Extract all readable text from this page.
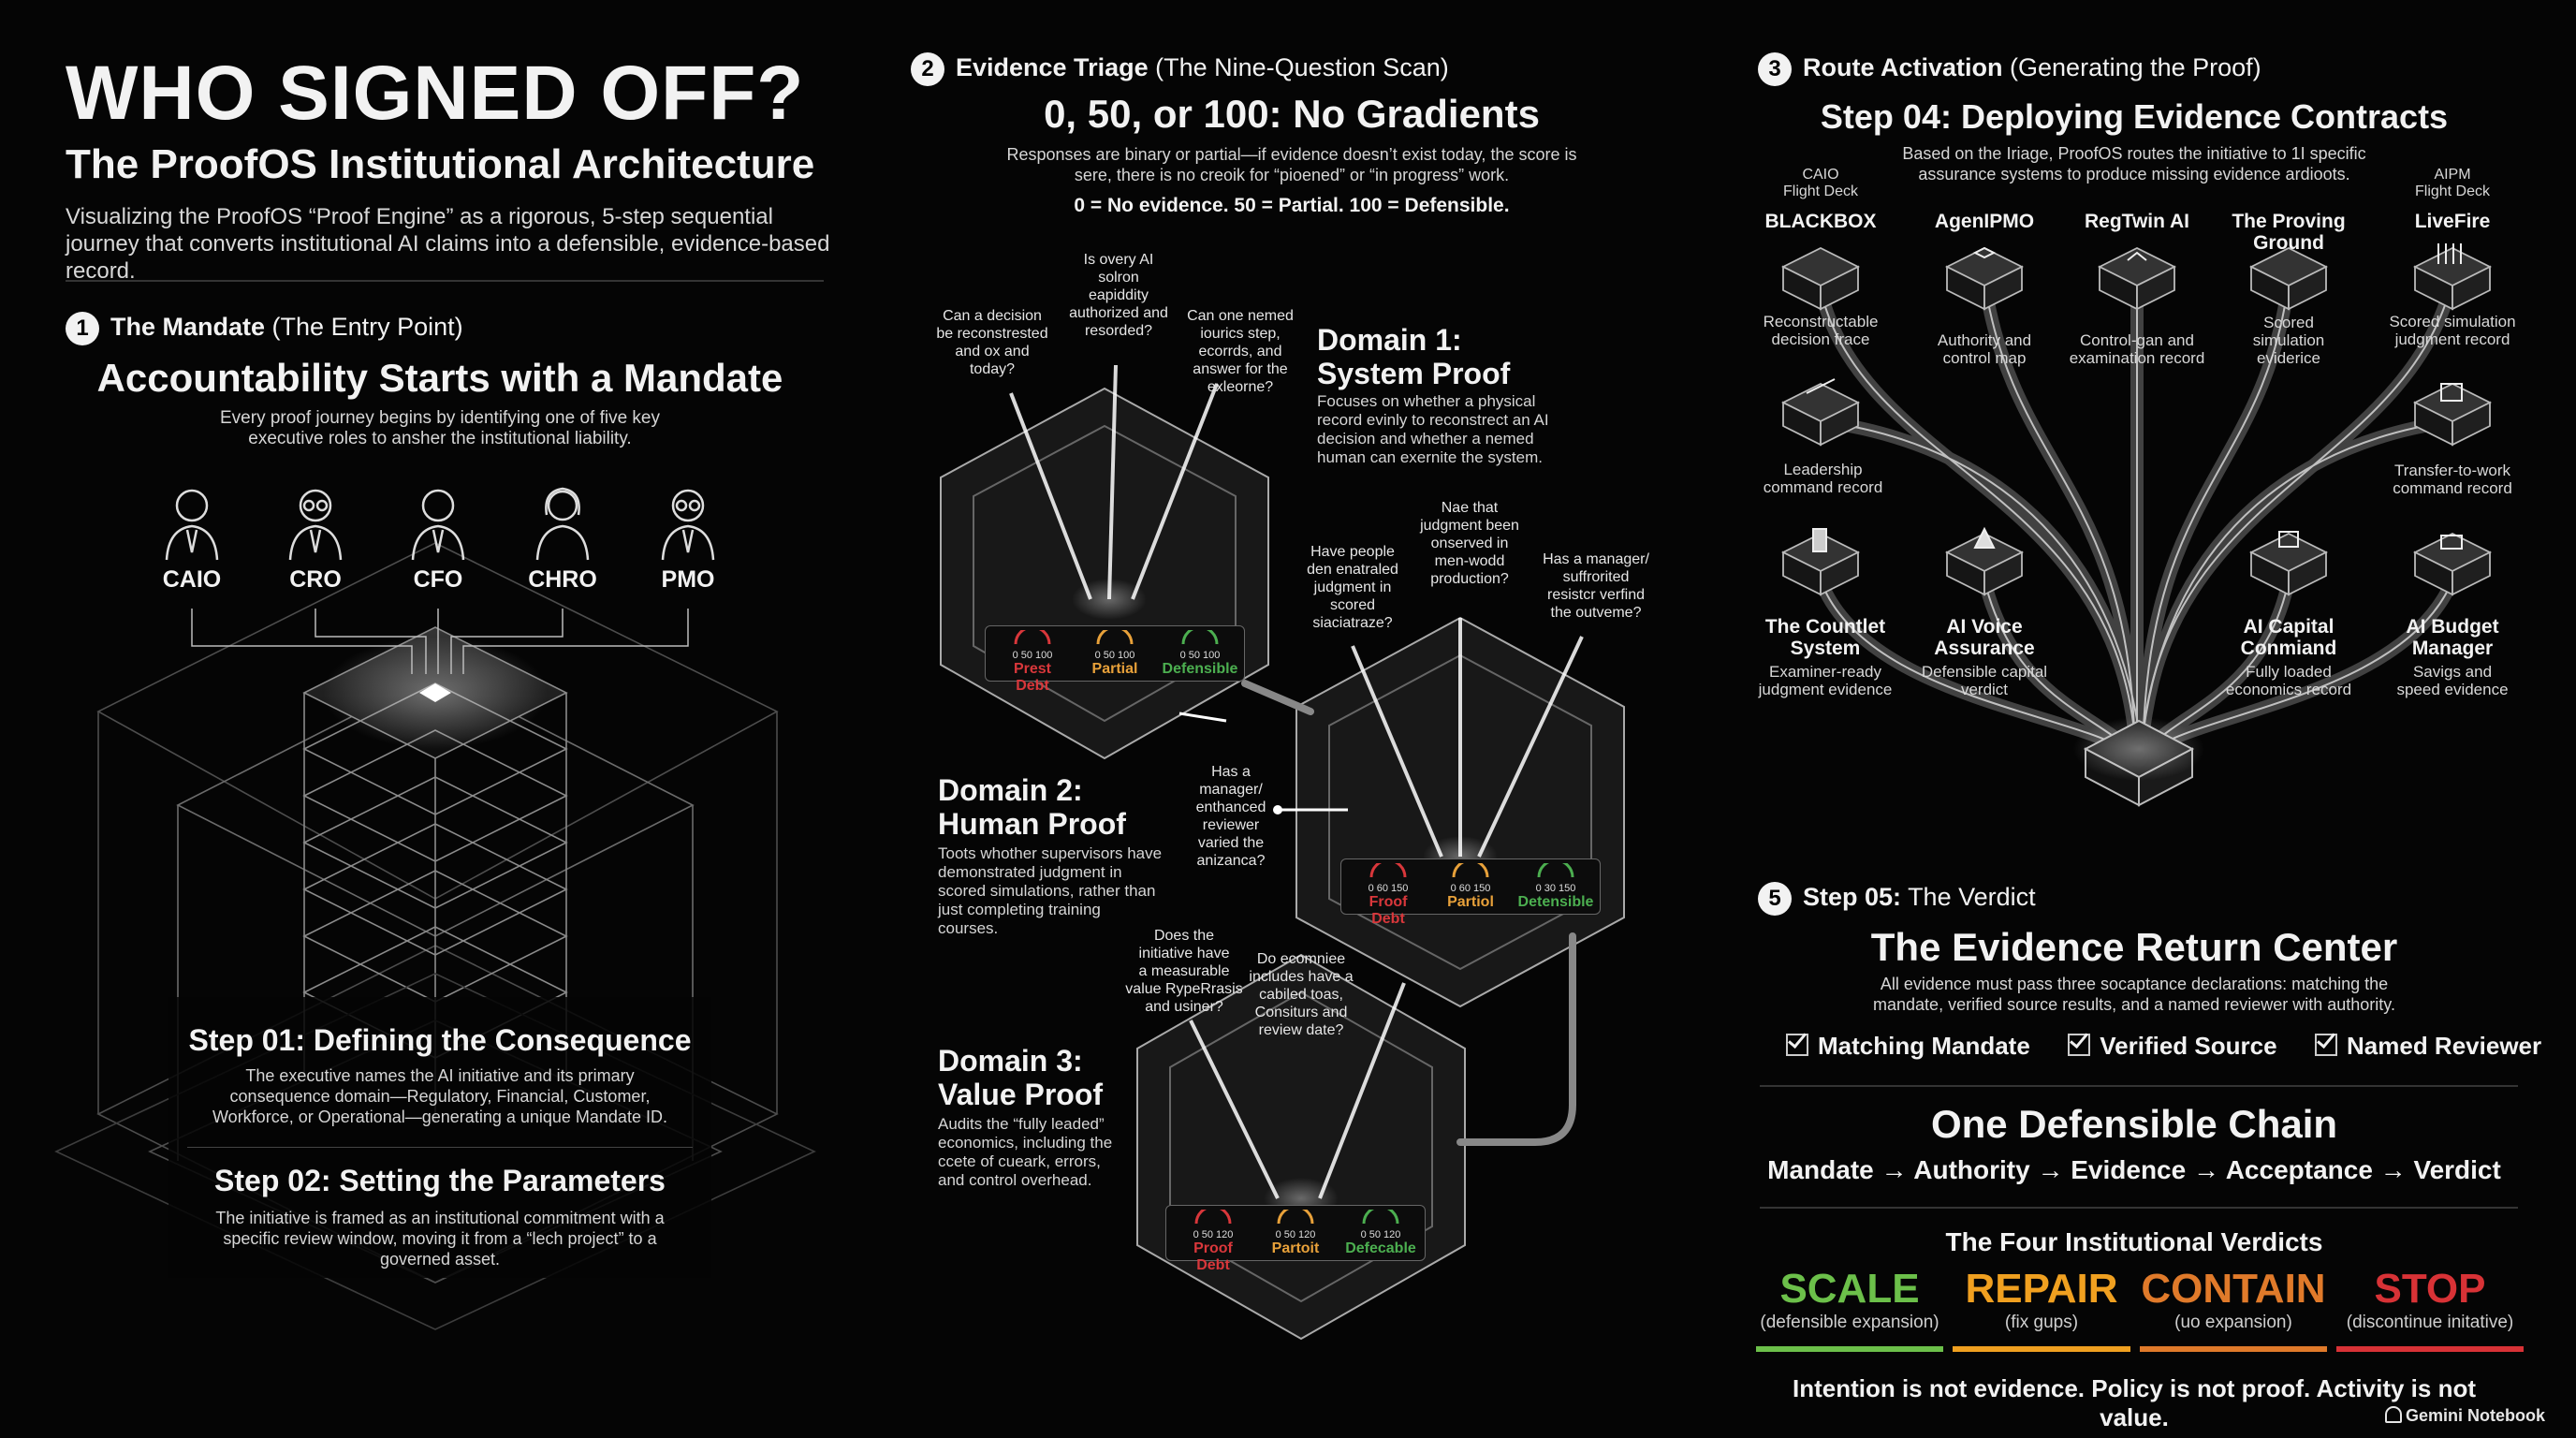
WHO SIGNED OFF?
The ProofOS Institutional Architecture
Visualizing the ProofOS “Proof Engine” as a rigorous, 5-step sequential journey that converts institutional AI claims into a defensible, evidence-based record.
1 The Mandate (The Entry Point)
Accountability Starts with a Mandate
Every proof journey begins by identifying one of five key executive roles to ansher the institutional liability.
CAIO	CRO	CFO	CHRO	PMO
Step 01: Defining the Consequence
The executive names the AI initiative and its primary consequence domain—Regulatory, Financial, Customer, Workforce, or Operational—generating a unique Mandate ID.
Step 02: Setting the Parameters
The initiative is framed as an institutional commitment with a specific review window, moving it from a “lech project” to a governed asset.
2 Evidence Triage (The Nine-Question Scan)
0, 50, or 100: No Gradients
Responses are binary or partial—if evidence doesn’t exist today, the score is sere, there is no creoik for “pioened” or “in progress” work.
0 = No evidence. 50 = Partial. 100 = Defensible.
Can a decision
be reconstrested
and ox and
today?
Is overy AI
solron
eapiddity
authorized and
resorded?
Can one nemed
iourics step,
ecorrds, and
answer for the
exleorne?
Domain 1:
System Proof
Focuses on whether a physical record evinly to reconstrect an AI decision and whether a nemed human can exernite the system.
0 50 100
Prest Debt
0 50 100
Partial
0 50 100
Defensible
Have people
den enatraled
judgment in
scored
siaciatraze?
Nae that
judgment been
onserved in
men-wodd
production?
Has a manager/
suffrorited
resistcr verfind
the outveme?
Has a
manager/
enthanced
reviewer
varied the
anizanca?
Domain 2:
Human Proof
Toots whother supervisors have demonstrated judgment in scored simulations, rather than just completing training courses.
0 60 150
Froof Debt
0 60 150
Partiol
0 30 150
Detensible
Does the
initiative have
a measurable
value RypeRrasis
and usiner?
Do ecomniee
includes have a
cabiled toas,
Consiturs and
review date?
Domain 3:
Value Proof
Audits the “fully leaded” economics, including the ccete of cueark, errors, and control overhead.
0 50 120
Proof Debt
0 50 120
Partoit
0 50 120
Defecable
3 Route Activation (Generating the Proof)
Step 04: Deploying Evidence Contracts
Based on the Iriage, ProofOS routes the initiative to 1I specific assurance systems to produce missing evidence ardioots.
CAIO
Flight Deck
BLACKBOX
Reconstructable
decision frace
AgenIPMO
Authority and
control map
RegTwin AI
Control-gan and
examination record
The Proving
Ground
Scored
simulation
eviderice
AIPM
Flight Deck
LiveFire
Scored simulation
judgment record
Leadership
command record
Transfer-to-work
command record
The Countlet
System
Examiner-ready
judgment evidence
AI Voice
Assurance
Defensible capital
verdict
AI Capital
Conmiand
Fully loaded
economics record
AI Budget
Manager
Savigs and
speed evidence
5 Step 05: The Verdict
The Evidence Return Center
All evidence must pass three socaptance declarations: matching the mandate, verified source results, and a named reviewer with authority.
Matching Mandate	Verified Source	Named Reviewer
One Defensible Chain
Mandate → Authority → Evidence → Acceptance → Verdict
The Four Institutional Verdicts
SCALE
(defensible expansion)
REPAIR
(fix gups)
CONTAIN
(uo expansion)
STOP
(discontinue initative)
Intention is not evidence. Policy is not proof. Activity is not value.	Gemini Notebook
